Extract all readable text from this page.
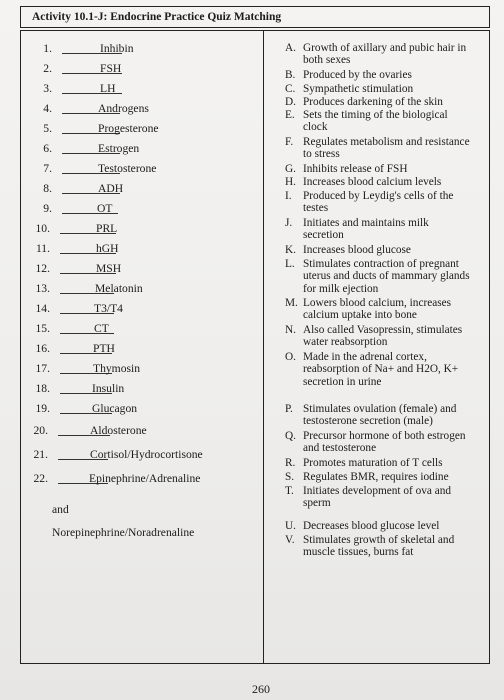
Activity 10.1-J: Endocrine Practice Quiz Matching
1.	Inhibin
2.	FSH
3.	LH
4.	Androgens
5.	Progesterone
6.	Estrogen
7.	Testosterone
8.	ADH
9.	OT
10.	PRL
11.	hGH
12.	MSH
13.	Melatonin
14.	T3/T4
15.	CT
16.	PTH
17.	Thymosin
18.	Insulin
19.	Glucagon
20.	Aldosterone
21.	Cortisol/Hydrocortisone
22.	Epinephrine/Adrenaline
and
Norepinephrine/Noradrenaline
A. Growth of axillary and pubic hair in
both sexes
B. Produced by the ovaries
C. Sympathetic stimulation
D. Produces darkening of the skin
E. Sets the timing of the biological
clock
F. Regulates metabolism and resistance
to stress
G. Inhibits release of FSH
H. Increases blood calcium levels
I. Produced by Leydig's cells of the
testes
J. Initiates and maintains milk
secretion
K. Increases blood glucose
L. Stimulates contraction of pregnant
uterus and ducts of mammary glands
for milk ejection
M. Lowers blood calcium, increases
calcium uptake into bone
N. Also called Vasopressin, stimulates
water reabsorption
O. Made in the adrenal cortex,
reabsorption of Na+ and H2O, K+
secretion in urine
P. Stimulates ovulation (female) and
testosterone secretion (male)
Q. Precursor hormone of both estrogen
and testosterone
R. Promotes maturation of T cells
S. Regulates BMR, requires iodine
T. Initiates development of ova and
sperm
U. Decreases blood glucose level
V. Stimulates growth of skeletal and
muscle tissues, burns fat
260
